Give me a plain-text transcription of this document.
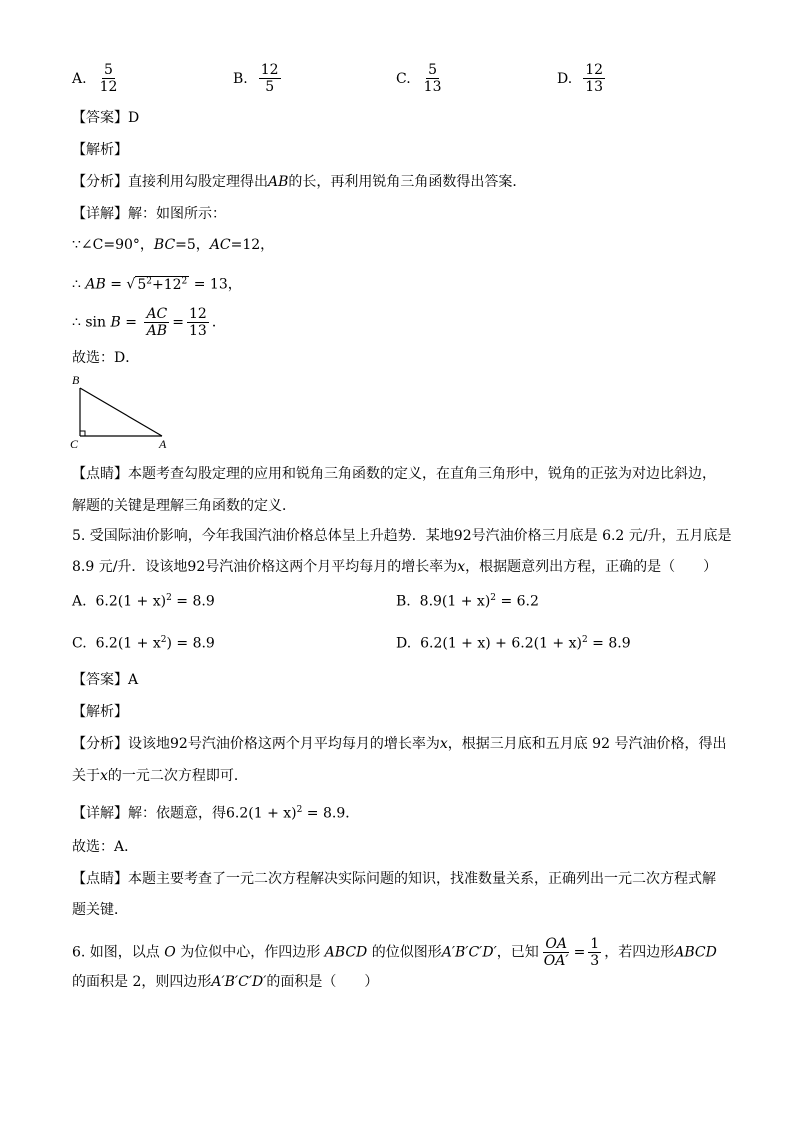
A. $\frac{5}{12}$	B. $\frac{12}{5}$	C. $\frac{5}{13}$	D. $\frac{12}{13}$
【答案】D
【解析】
【分析】直接利用勾股定理得出AB的长，再利用锐角三角函数得出答案．
【详解】解：如图所示：
∵∠C=90°，BC=5，AC=12，
∴ AB = √ $5^2+12^2 = 13$，
∴ $\sin B = \frac{AC}{AB} = \frac{12}{13}$ ．
故选：D．
B
C	A
【点睛】本题考查勾股定理的应用和锐角三角函数的定义，在直角三角形中，锐角的正弦为对边比斜边，
解题的关键是理解三角函数的定义．
5. 受国际油价影响，今年我国汽油价格总体呈上升趋势．某地92号汽油价格三月底是 6.2 元/升，五月底是
8.9 元/升．设该地92号汽油价格这两个月平均每月的增长率为x，根据题意列出方程，正确的是（　　）
A. $6.2(1 + x)^2 = 8.9$	B. $8.9(1 + x)^2 = 6.2$
C. $6.2(1 + x^2) = 8.9$	D. $6.2(1 + x) + 6.2(1 + x)^2 = 8.9$
【答案】A
【解析】
【分析】设该地92号汽油价格这两个月平均每月的增长率为x，根据三月底和五月底 92 号汽油价格，得出
关于x的一元二次方程即可．
【详解】解：依题意，得$6.2(1 + x)^2 = 8.9$．
故选：A．
【点睛】本题主要考查了一元二次方程解决实际问题的知识，找准数量关系，正确列出一元二次方程式解
题关键．
6. 如图，以点 O 为位似中心，作四边形 ABCD 的位似图形A′B′C′D′，已知 $\frac{OA}{OA'} = \frac{1}{3}$ ，若四边形ABCD
的面积是 2，则四边形A′B′C′D′的面积是（　　）
